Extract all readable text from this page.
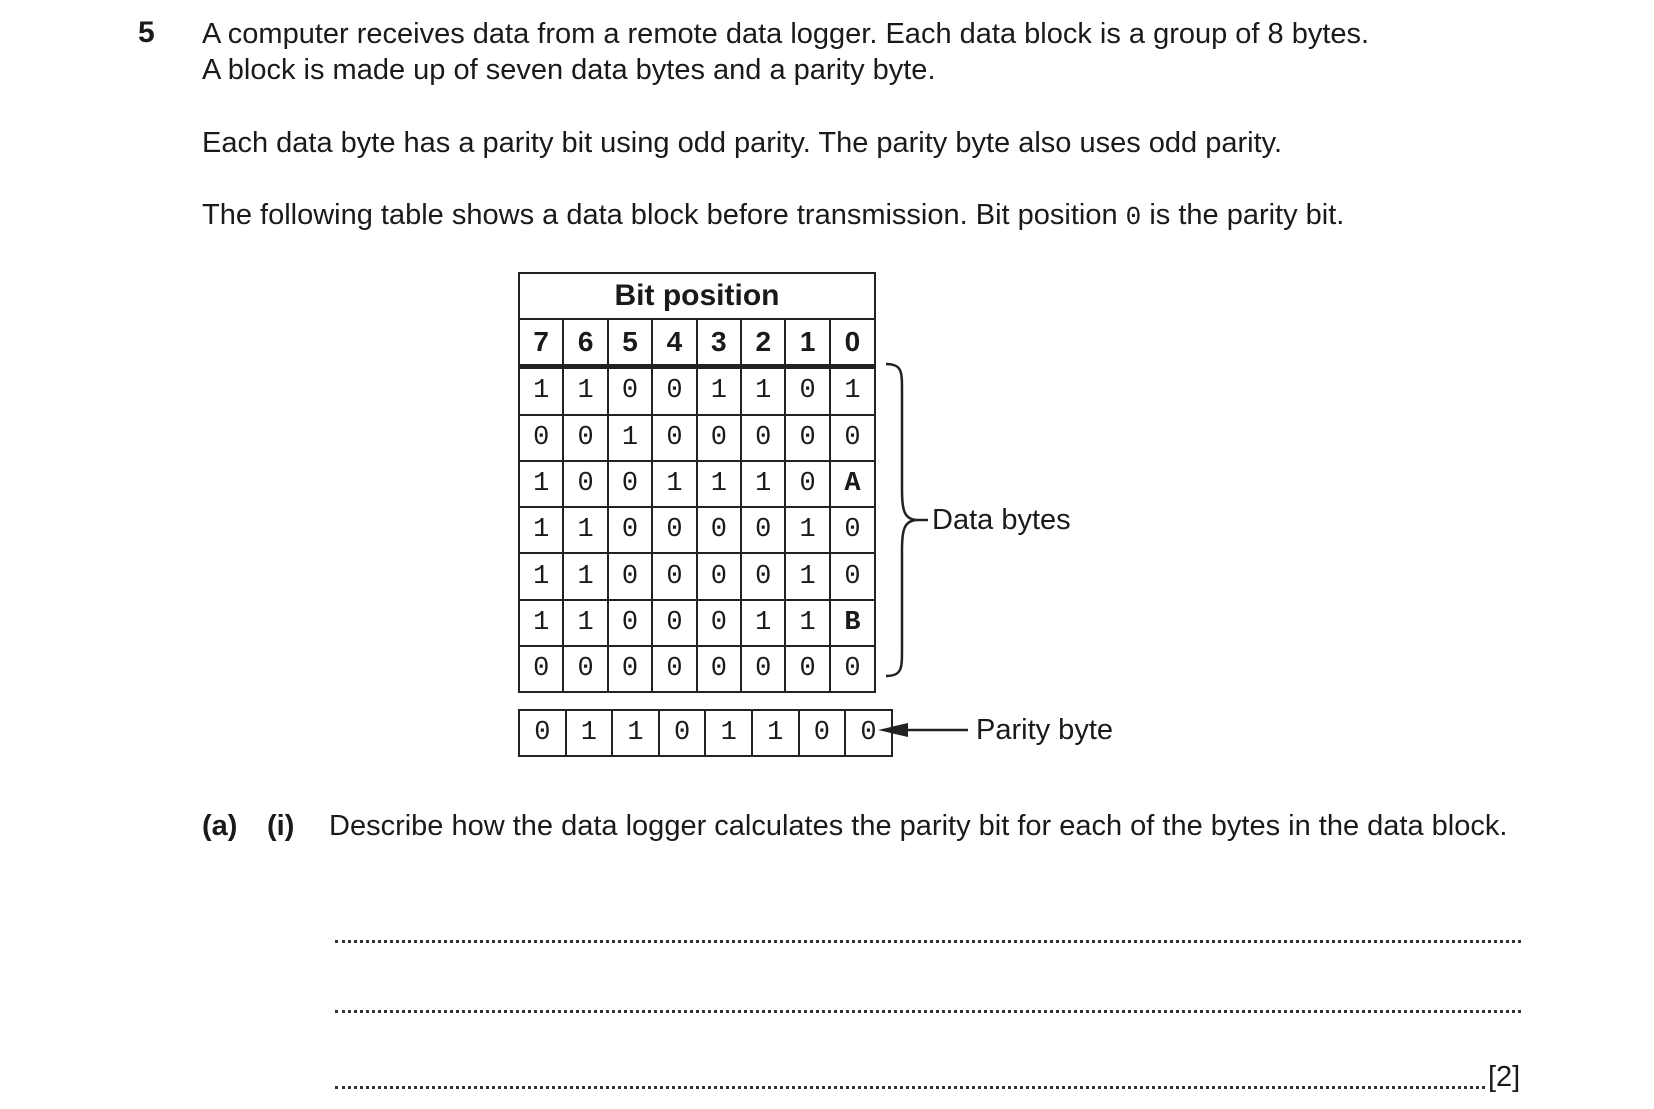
5 A computer receives data from a remote data logger. Each data block is a group of 8 bytes.
A block is made up of seven data bytes and a parity byte.
Each data byte has a parity bit using odd parity. The parity byte also uses odd parity.
The following table shows a data block before transmission. Bit position 0 is the parity bit.
Bit position							
7	6	5	4	3	2	1	0
1	1	0	0	1	1	0	1
0	0	1	0	0	0	0	0
1	0	0	1	1	1	0	A
1	1	0	0	0	0	1	0
1	1	0	0	0	0	1	0
1	1	0	0	0	1	1	B
0	0	0	0	0	0	0	0
Data bytes
0	1	1	0	1	1	0	0	Parity byte
(a) (i) Describe how the data logger calculates the parity bit for each of the bytes in the data block.
[2]
